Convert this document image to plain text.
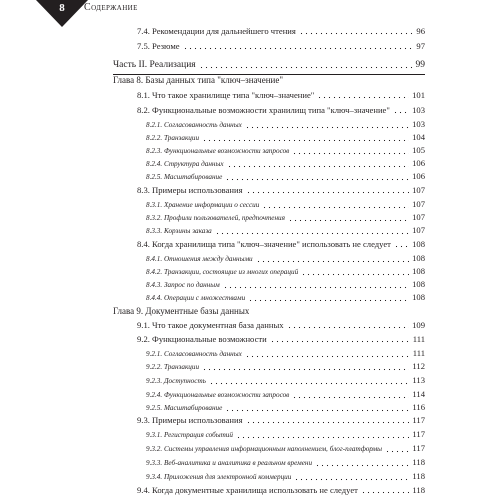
8	Содержание
7.4. Рекомендации для дальнейшего чтения	96
7.5. Резюме	97
Часть II. Реализация	99
Глава 8. Базы данных типа "ключ–значение"
8.1. Что такое хранилище типа "ключ–значение"	101
8.2. Функциональные возможности хранилищ типа "ключ–значение"	103
8.2.1. Согласованность данных	103
8.2.2. Транзакции	104
8.2.3. Функциональные возможности запросов	105
8.2.4. Структура данных	106
8.2.5. Масштабирование	106
8.3. Примеры использования	107
8.3.1. Хранение информации о сессии	107
8.3.2. Профили пользователей, предпочтения	107
8.3.3. Корзины заказа	107
8.4. Когда хранилища типа "ключ–значение" использовать не следует 108
8.4.1. Отношения между данными	108
8.4.2. Транзакции, состоящие из многих операций	108
8.4.3. Запрос по данным	108
8.4.4. Операции с множествами	108
Глава 9. Документные базы данных
9.1. Что такое документная база данных	109
9.2. Функциональные возможности	111
9.2.1. Согласованность данных	111
9.2.2. Транзакции	112
9.2.3. Доступность	113
9.2.4. Функциональные возможности запросов	114
9.2.5. Масштабирование	116
9.3. Примеры использования	117
9.3.1. Регистрация событий	117
9.3.2. Системы управления информационным наполнением, блог-платформы	117
9.3.3. Веб-аналитика и аналитика в реальном времени	118
9.3.4. Приложения для электронной коммерции	118
9.4. Когда документные хранилища использовать не следует	118
